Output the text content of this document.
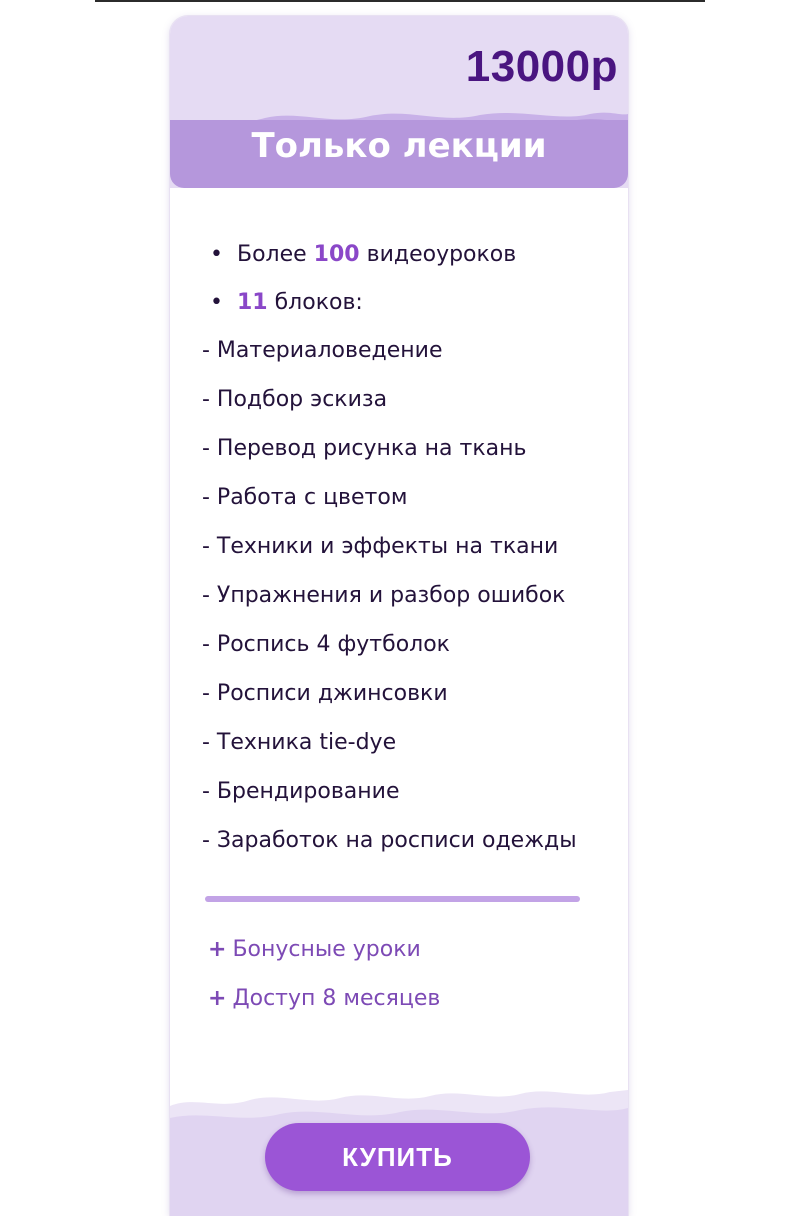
13000р
Только лекции
• Более 100 видеоуроков
• 11 блоков:
- Материаловедение
- Подбор эскиза
- Перевод рисунка на ткань
- Работа с цветом
- Техники и эффекты на ткани
- Упражнения и разбор ошибок
- Роспись 4 футболок
- Росписи джинсовки
- Техника tie-dye
- Брендирование
- Заработок на росписи одежды
+ Бонусные уроки
+ Доступ 8 месяцев
КУПИТЬ
